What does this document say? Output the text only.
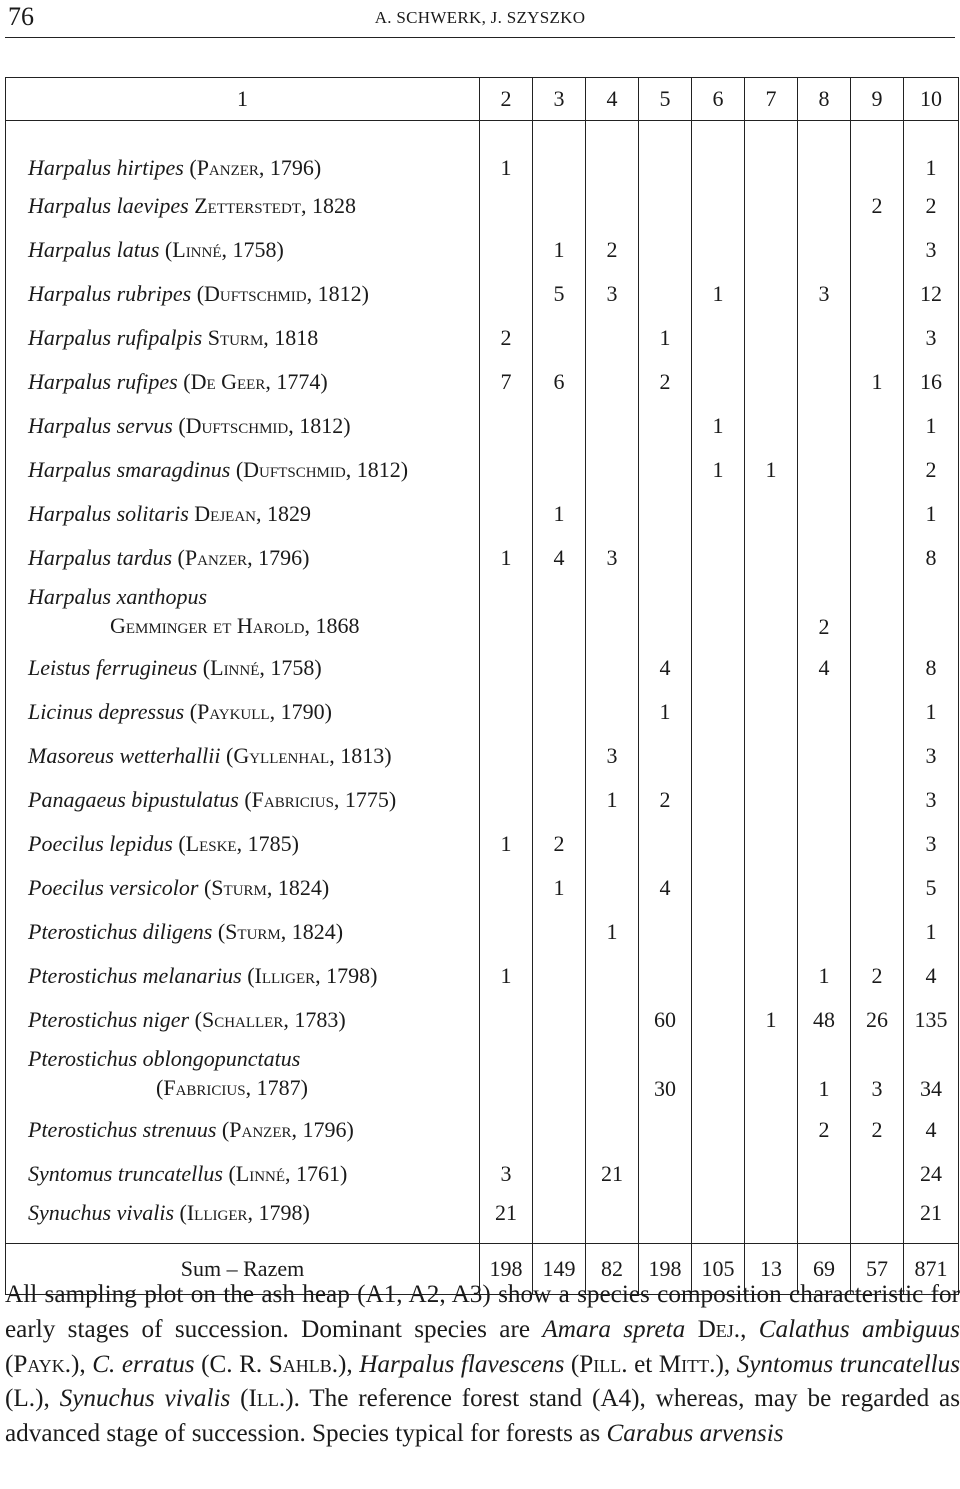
76	A. SCHWERK, J. SZYSZKO
1	2	3	4	5	6	7	8	9	10
Harpalus hirtipes (Panzer, 1796)	1								1
Harpalus laevipes Zetterstedt, 1828								2	2
Harpalus latus (Linné, 1758)		1	2						3
Harpalus rubripes (Duftschmid, 1812)		5	3		1		3		12
Harpalus rufipalpis Sturm, 1818	2			1					3
Harpalus rufipes (De Geer, 1774)	7	6		2				1	16
Harpalus servus (Duftschmid, 1812)					1				1
Harpalus smaragdinus (Duftschmid, 1812)					1	1			2
Harpalus solitaris Dejean, 1829		1							1
Harpalus tardus (Panzer, 1796)	1	4	3						8
Harpalus xanthopus
Gemminger et Harold, 1868							2		
Leistus ferrugineus (Linné, 1758)				4			4		8
Licinus depressus (Paykull, 1790)				1					1
Masoreus wetterhallii (Gyllenhal, 1813)			3						3
Panagaeus bipustulatus (Fabricius, 1775)			1	2					3
Poecilus lepidus (Leske, 1785)	1	2							3
Poecilus versicolor (Sturm, 1824)		1		4					5
Pterostichus diligens (Sturm, 1824)			1						1
Pterostichus melanarius (Illiger, 1798)	1						1	2	4
Pterostichus niger (Schaller, 1783)				60		1	48	26	135
Pterostichus oblongopunctatus
(Fabricius, 1787)				30			1	3	34
Pterostichus strenuus (Panzer, 1796)							2	2	4
Syntomus truncatellus (Linné, 1761)	3		21						24
Synuchus vivalis (Illiger, 1798)	21								21
Sum – Razem	198	149	82	198	105	13	69	57	871
All sampling plot on the ash heap (A1, A2, A3) show a species composition characteristic for early stages of succession. Dominant species are Amara spreta Dej., Calathus ambiguus (Payk.), C. erratus (C. R. Sahlb.), Harpalus flavescens (Pill. et Mitt.), Syntomus truncatellus (L.), Synuchus vivalis (Ill.). The reference forest stand (A4), whereas, may be regarded as advanced stage of succession. Species typical for forests as Carabus arvensis
